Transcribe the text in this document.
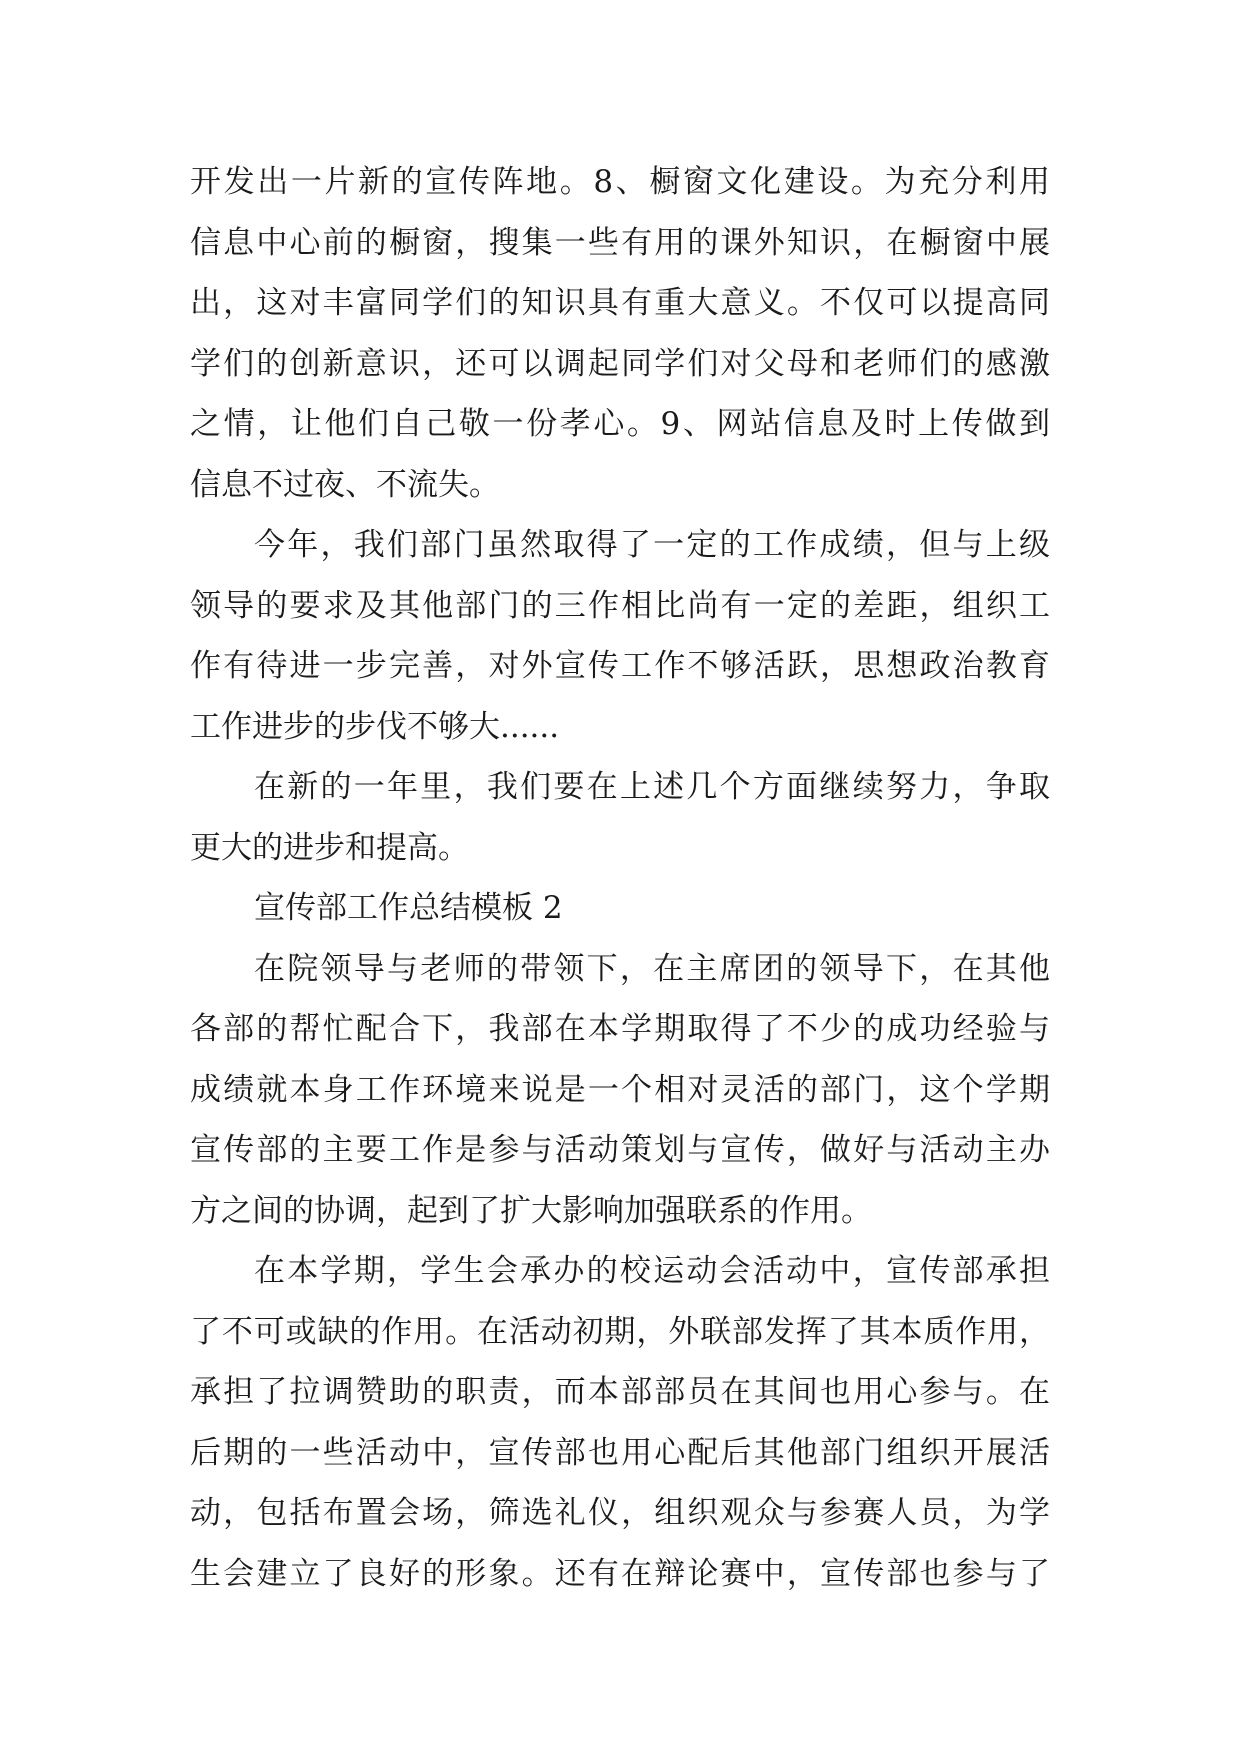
开发出一片新的宣传阵地。8、橱窗文化建设。为充分利用
信息中心前的橱窗，搜集一些有用的课外知识，在橱窗中展
出，这对丰富同学们的知识具有重大意义。不仅可以提高同
学们的创新意识，还可以调起同学们对父母和老师们的感激
之情，让他们自己敬一份孝心。9、网站信息及时上传做到
信息不过夜、不流失。
今年，我们部门虽然取得了一定的工作成绩，但与上级
领导的要求及其他部门的三作相比尚有一定的差距，组织工
作有待进一步完善，对外宣传工作不够活跃，思想政治教育
工作进步的步伐不够大......
在新的一年里，我们要在上述几个方面继续努力，争取
更大的进步和提高。
宣传部工作总结模板 2
在院领导与老师的带领下，在主席团的领导下，在其他
各部的帮忙配合下，我部在本学期取得了不少的成功经验与
成绩就本身工作环境来说是一个相对灵活的部门，这个学期
宣传部的主要工作是参与活动策划与宣传，做好与活动主办
方之间的协调，起到了扩大影响加强联系的作用。
在本学期，学生会承办的校运动会活动中，宣传部承担
了不可或缺的作用。在活动初期，外联部发挥了其本质作用，
承担了拉调赞助的职责，而本部部员在其间也用心参与。在
后期的一些活动中，宣传部也用心配后其他部门组织开展活
动，包括布置会场，筛选礼仪，组织观众与参赛人员，为学
生会建立了良好的形象。还有在辩论赛中，宣传部也参与了
